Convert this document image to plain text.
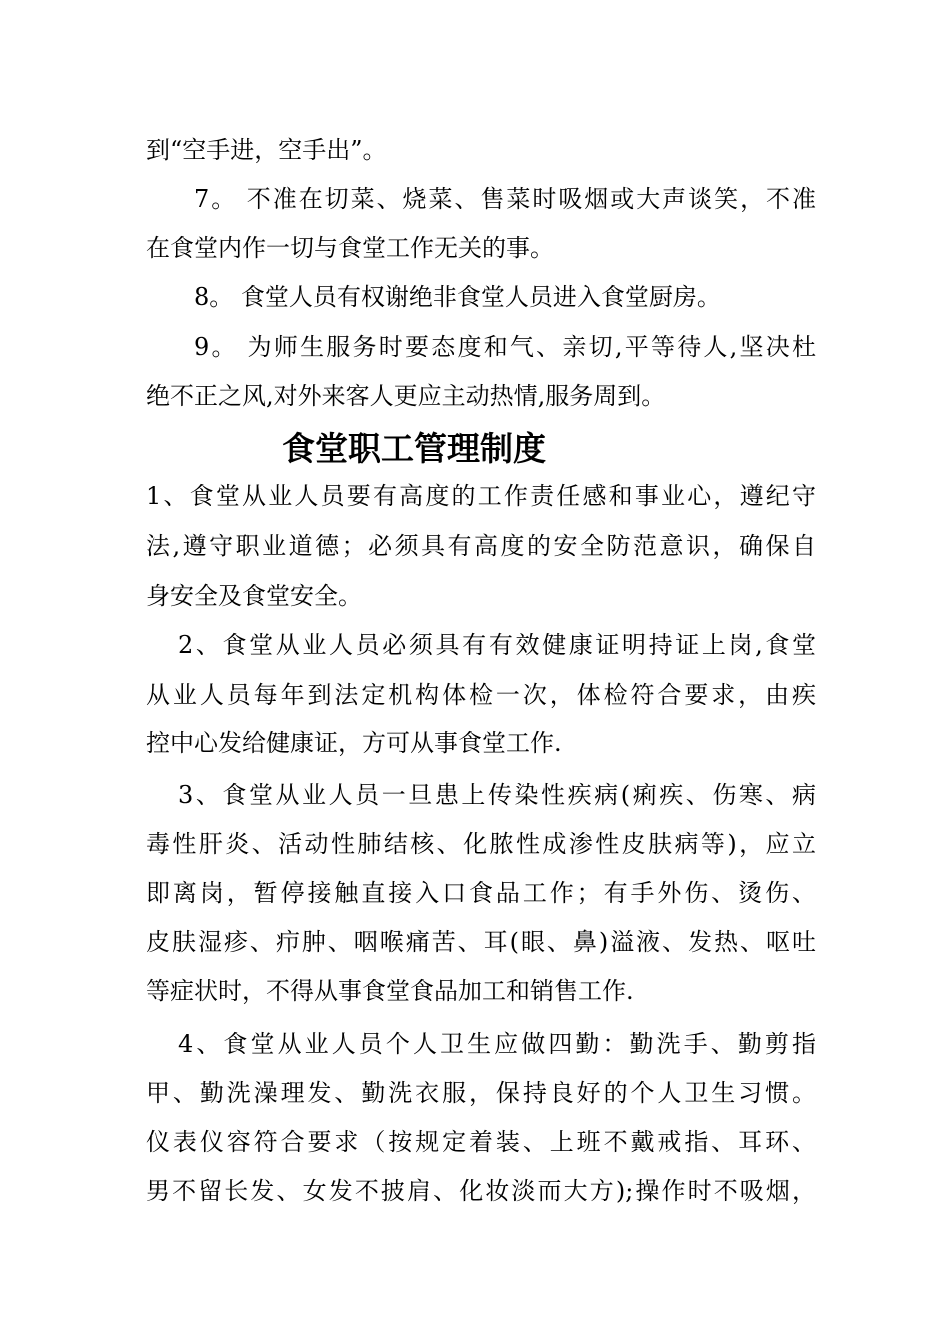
到“空手进，空手出”。
7。 不准在切菜、烧菜、售菜时吸烟或大声谈笑，不准
在食堂内作一切与食堂工作无关的事。
8。 食堂人员有权谢绝非食堂人员进入食堂厨房。
9。 为师生服务时要态度和气、亲切,平等待人,坚决杜
绝不正之风,对外来客人更应主动热情,服务周到。
食堂职工管理制度
1、食堂从业人员要有高度的工作责任感和事业心，遵纪守
法,遵守职业道德；必须具有高度的安全防范意识，确保自
身安全及食堂安全。
2、食堂从业人员必须具有有效健康证明持证上岗,食堂
从业人员每年到法定机构体检一次，体检符合要求，由疾
控中心发给健康证，方可从事食堂工作.
3、食堂从业人员一旦患上传染性疾病(痢疾、伤寒、病
毒性肝炎、活动性肺结核、化脓性成渗性皮肤病等)，应立
即离岗，暂停接触直接入口食品工作；有手外伤、烫伤、
皮肤湿疹、疖肿、咽喉痛苦、耳(眼、鼻)溢液、发热、呕吐
等症状时，不得从事食堂食品加工和销售工作.
4、食堂从业人员个人卫生应做四勤：勤洗手、勤剪指
甲、勤洗澡理发、勤洗衣服，保持良好的个人卫生习惯。
仪表仪容符合要求（按规定着装、上班不戴戒指、耳环、
男不留长发、女发不披肩、化妆淡而大方);操作时不吸烟，
